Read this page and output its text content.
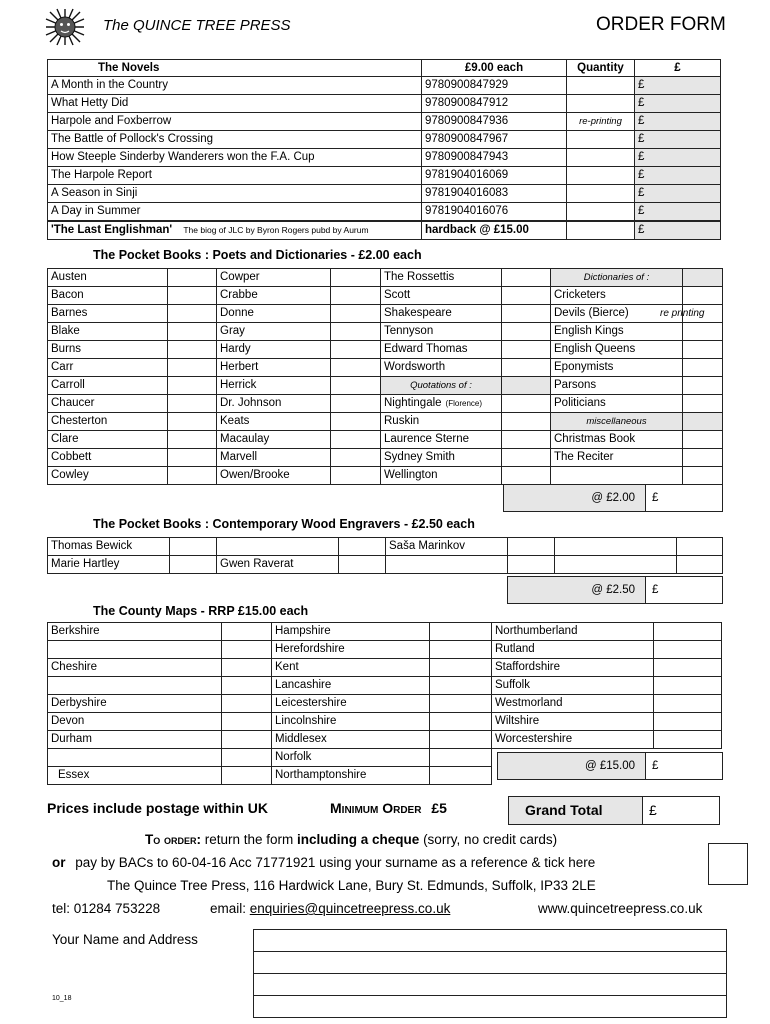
The QUINCE TREE PRESS	ORDER FORM
The Novels	£9.00 each	Quantity	£
A Month in the Country	9780900847929		£
What Hetty Did	9780900847912		£
Harpole and Foxberrow	9780900847936	re-printing	£
The Battle of Pollock's Crossing	9780900847967		£
How Steeple Sinderby Wanderers won the F.A. Cup	9780900847943		£
The Harpole Report	9781904016069		£
A Season in Sinji	9781904016083		£
A Day in Summer	9781904016076		£
'The Last Englishman' The biog of JLC by Byron Rogers pubd by Aurum	hardback @ £15.00		£
The Pocket Books : Poets and Dictionaries - £2.00 each
Austen		Cowper		The Rossettis		Dictionaries of :	
Bacon		Crabbe		Scott		Cricketers	
Barnes		Donne		Shakespeare		Devils (Bierce)	re printing
Blake		Gray		Tennyson		English Kings	
Burns		Hardy		Edward Thomas		English Queens	
Carr		Herbert		Wordsworth		Eponymists	
Carroll		Herrick		Quotations of :		Parsons	
Chaucer		Dr. Johnson		Nightingale (Florence)		Politicians	
Chesterton		Keats		Ruskin		miscellaneous	
Clare		Macaulay		Laurence Sterne		Christmas Book	
Cobbett		Marvell		Sydney Smith		The Reciter	
Cowley		Owen/Brooke		Wellington			
@ £2.00	£
The Pocket Books : Contemporary Wood Engravers - £2.50 each
Thomas Bewick				Saša Marinkov			
Marie Hartley		Gwen Raverat					
@ £2.50	£
The County Maps - RRP £15.00 each
Berkshire		Hampshire		Northumberland	
		Herefordshire		Rutland	
Cheshire		Kent		Staffordshire	
		Lancashire		Suffolk	
Derbyshire		Leicestershire		Westmorland	
Devon		Lincolnshire		Wiltshire	
Durham		Middlesex		Worcestershire	
		Norfolk			
Essex		Northamptonshire			
@ £15.00	£
Prices include postage within UK	Minimum Order £5	Grand Total	£
To order: return the form including a cheque (sorry, no credit cards)
or pay by BACs to 60-04-16 Acc 71771921 using your surname as a reference & tick here
The Quince Tree Press, 116 Hardwick Lane, Bury St. Edmunds, Suffolk, IP33 2LE
tel: 01284 753228	email: enquiries@quincetreepress.co.uk	www.quincetreepress.co.uk
Your Name and Address

10_18
